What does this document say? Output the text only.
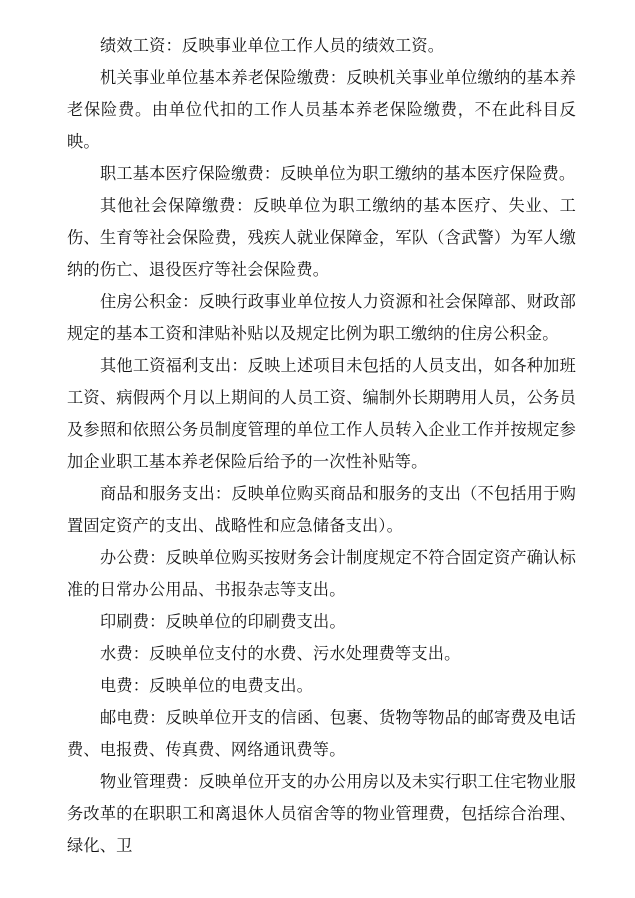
绩效工资：反映事业单位工作人员的绩效工资。

机关事业单位基本养老保险缴费：反映机关事业单位缴纳的基本养老保险费。由单位代扣的工作人员基本养老保险缴费，不在此科目反映。

职工基本医疗保险缴费：反映单位为职工缴纳的基本医疗保险费。

其他社会保障缴费：反映单位为职工缴纳的基本医疗、失业、工伤、生育等社会保险费，残疾人就业保障金，军队（含武警）为军人缴纳的伤亡、退役医疗等社会保险费。

住房公积金：反映行政事业单位按人力资源和社会保障部、财政部规定的基本工资和津贴补贴以及规定比例为职工缴纳的住房公积金。

其他工资福利支出：反映上述项目未包括的人员支出，如各种加班工资、病假两个月以上期间的人员工资、编制外长期聘用人员，公务员及参照和依照公务员制度管理的单位工作人员转入企业工作并按规定参加企业职工基本养老保险后给予的一次性补贴等。

商品和服务支出：反映单位购买商品和服务的支出（不包括用于购置固定资产的支出、战略性和应急储备支出）。

办公费：反映单位购买按财务会计制度规定不符合固定资产确认标准的日常办公用品、书报杂志等支出。

印刷费：反映单位的印刷费支出。

水费：反映单位支付的水费、污水处理费等支出。

电费：反映单位的电费支出。

邮电费：反映单位开支的信函、包裹、货物等物品的邮寄费及电话费、电报费、传真费、网络通讯费等。

物业管理费：反映单位开支的办公用房以及未实行职工住宅物业服务改革的在职职工和离退休人员宿舍等的物业管理费，包括综合治理、绿化、卫
